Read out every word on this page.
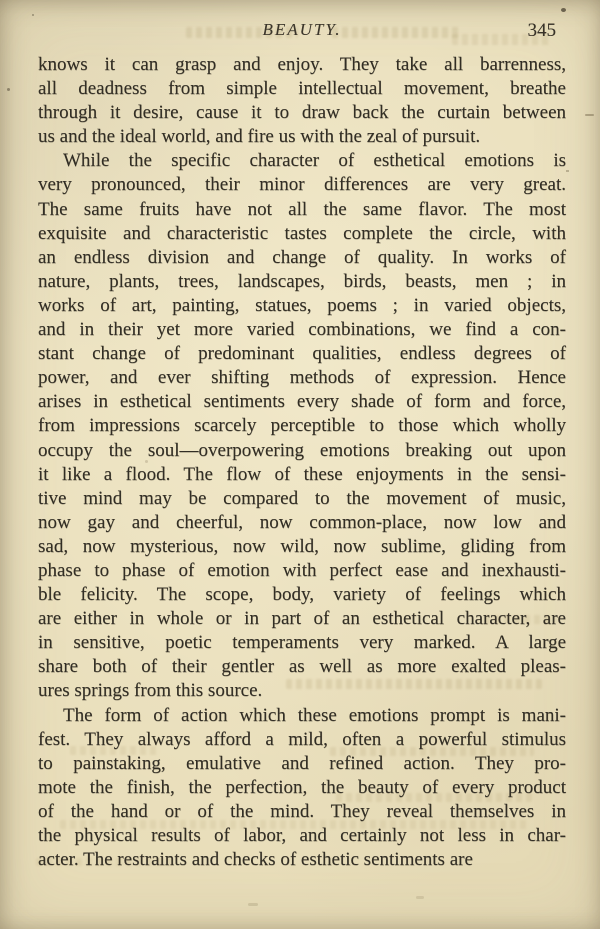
BEAUTY.	345
knows it can grasp and enjoy. They take all barrenness,
all deadness from simple intellectual movement, breathe
through it desire, cause it to draw back the curtain between
us and the ideal world, and fire us with the zeal of pursuit.
While the specific character of esthetical emotions is
very pronounced, their minor differences are very great.
The same fruits have not all the same flavor. The most
exquisite and characteristic tastes complete the circle, with
an endless division and change of quality. In works of
nature, plants, trees, landscapes, birds, beasts, men ; in
works of art, painting, statues, poems ; in varied objects,
and in their yet more varied combinations, we find a con-
stant change of predominant qualities, endless degrees of
power, and ever shifting methods of expression. Hence
arises in esthetical sentiments every shade of form and force,
from impressions scarcely perceptible to those which wholly
occupy the soul—overpowering emotions breaking out upon
it like a flood. The flow of these enjoyments in the sensi-
tive mind may be compared to the movement of music,
now gay and cheerful, now common-place, now low and
sad, now mysterious, now wild, now sublime, gliding from
phase to phase of emotion with perfect ease and inexhausti-
ble felicity. The scope, body, variety of feelings which
are either in whole or in part of an esthetical character, are
in sensitive, poetic temperaments very marked. A large
share both of their gentler as well as more exalted pleas-
ures springs from this source.
The form of action which these emotions prompt is mani-
fest. They always afford a mild, often a powerful stimulus
to painstaking, emulative and refined action. They pro-
mote the finish, the perfection, the beauty of every product
of the hand or of the mind. They reveal themselves in
the physical results of labor, and certainly not less in char-
acter. The restraints and checks of esthetic sentiments are
